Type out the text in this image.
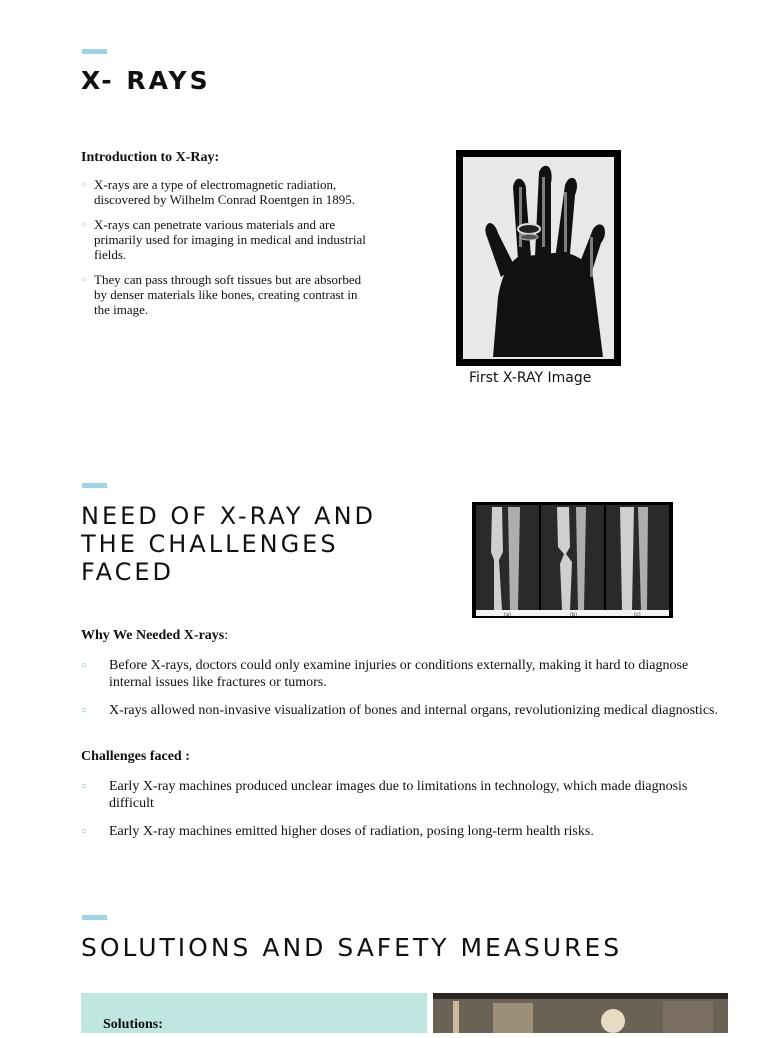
X- RAYS
Introduction to X-Ray:
○ X-rays are a type of electromagnetic radiation, discovered by Wilhelm Conrad Roentgen in 1895.
○ X-rays can penetrate various materials and are primarily used for imaging in medical and industrial fields.
○ They can pass through soft tissues but are absorbed by denser materials like bones, creating contrast in the image.
First X-RAY Image
NEED OF X-RAY AND THE CHALLENGES FACED
(a)	(b)	(c)
Why We Needed X-rays:
○ Before X-rays, doctors could only examine injuries or conditions externally, making it hard to diagnose internal issues like fractures or tumors.
○ X-rays allowed non-invasive visualization of bones and internal organs, revolutionizing medical diagnostics.
Challenges faced :
○ Early X-ray machines produced unclear images due to limitations in technology, which made diagnosis difficult
○ Early X-ray machines emitted higher doses of radiation, posing long-term health risks.
SOLUTIONS AND SAFETY MEASURES
Solutions:
